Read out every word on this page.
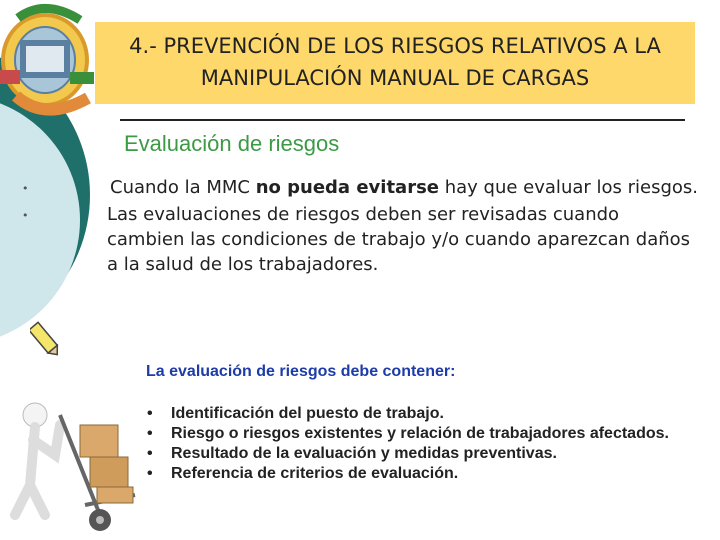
4.- PREVENCIÓN DE LOS RIESGOS RELATIVOS A LA
MANIPULACIÓN MANUAL DE CARGAS
Evaluación de riesgos
•	Cuando la MMC no pueda evitarse hay que evaluar los riesgos.
•	Las evaluaciones de riesgos deben ser revisadas cuando cambien las condiciones de trabajo y/o cuando aparezcan daños a la salud de los trabajadores.
La evaluación de riesgos debe contener:
• Identificación del puesto de trabajo.
• Riesgo o riesgos existentes y relación de trabajadores afectados.
• Resultado de la evaluación y medidas preventivas.
• Referencia de criterios de evaluación.
